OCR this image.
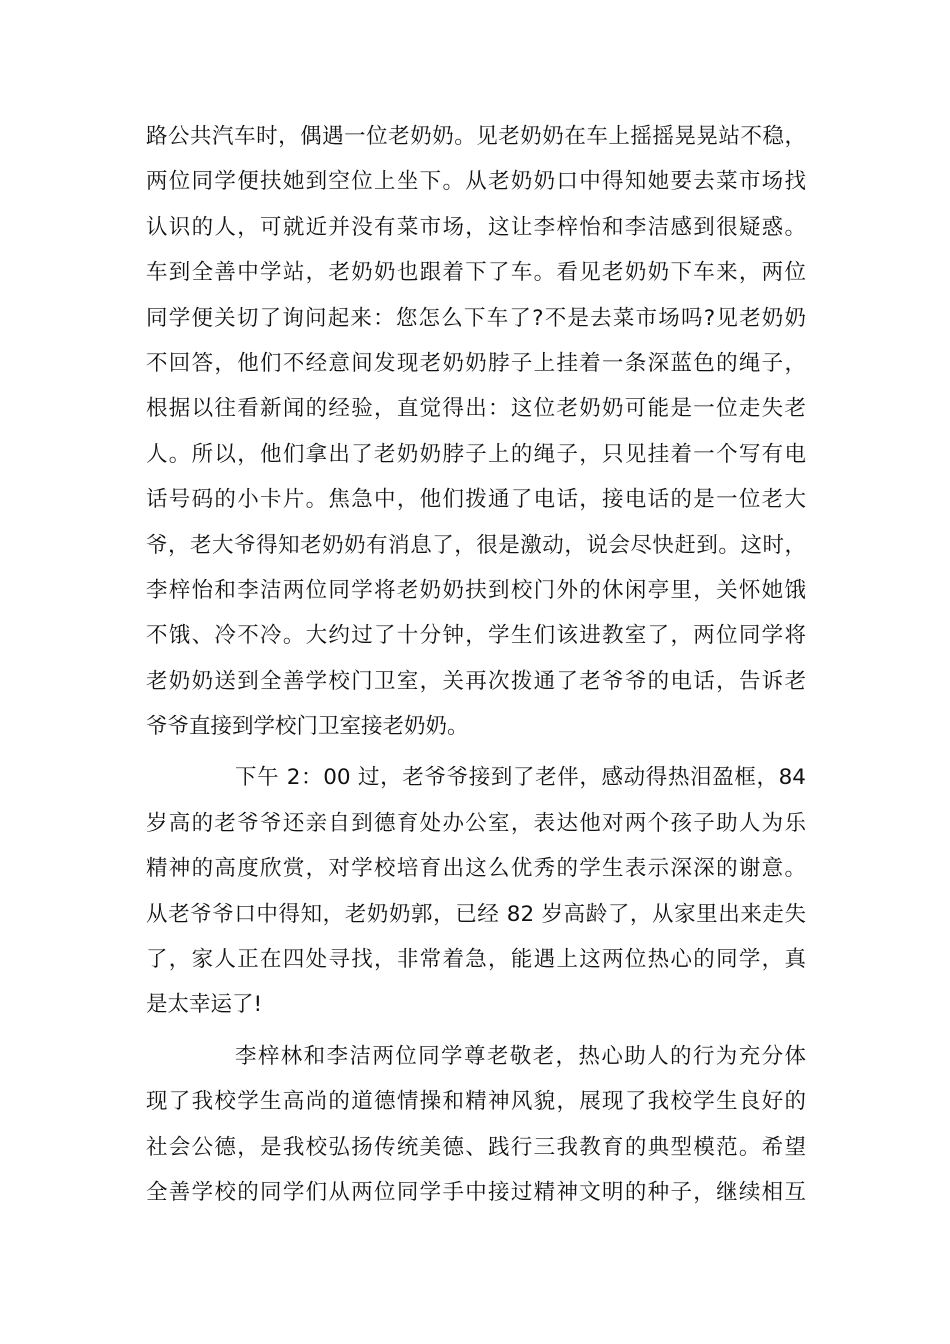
路公共汽车时，偶遇一位老奶奶。见老奶奶在车上摇摇晃晃站不稳，
两位同学便扶她到空位上坐下。从老奶奶口中得知她要去菜市场找
认识的人，可就近并没有菜市场，这让李梓怡和李洁感到很疑惑。
车到全善中学站，老奶奶也跟着下了车。看见老奶奶下车来，两位
同学便关切了询问起来：您怎么下车了?不是去菜市场吗?见老奶奶
不回答，他们不经意间发现老奶奶脖子上挂着一条深蓝色的绳子，
根据以往看新闻的经验，直觉得出：这位老奶奶可能是一位走失老
人。所以，他们拿出了老奶奶脖子上的绳子，只见挂着一个写有电
话号码的小卡片。焦急中，他们拨通了电话，接电话的是一位老大
爷，老大爷得知老奶奶有消息了，很是激动，说会尽快赶到。这时，
李梓怡和李洁两位同学将老奶奶扶到校门外的休闲亭里，关怀她饿
不饿、冷不冷。大约过了十分钟，学生们该进教室了，两位同学将
老奶奶送到全善学校门卫室，关再次拨通了老爷爷的电话，告诉老
爷爷直接到学校门卫室接老奶奶。
下午 2：00 过，老爷爷接到了老伴，感动得热泪盈框，84
岁高的老爷爷还亲自到德育处办公室，表达他对两个孩子助人为乐
精神的高度欣赏，对学校培育出这么优秀的学生表示深深的谢意。
从老爷爷口中得知，老奶奶郭，已经 82 岁高龄了，从家里出来走失
了，家人正在四处寻找，非常着急，能遇上这两位热心的同学，真
是太幸运了!
李梓林和李洁两位同学尊老敬老，热心助人的行为充分体
现了我校学生高尚的道德情操和精神风貌，展现了我校学生良好的
社会公德，是我校弘扬传统美德、践行三我教育的典型模范。希望
全善学校的同学们从两位同学手中接过精神文明的种子，继续相互
